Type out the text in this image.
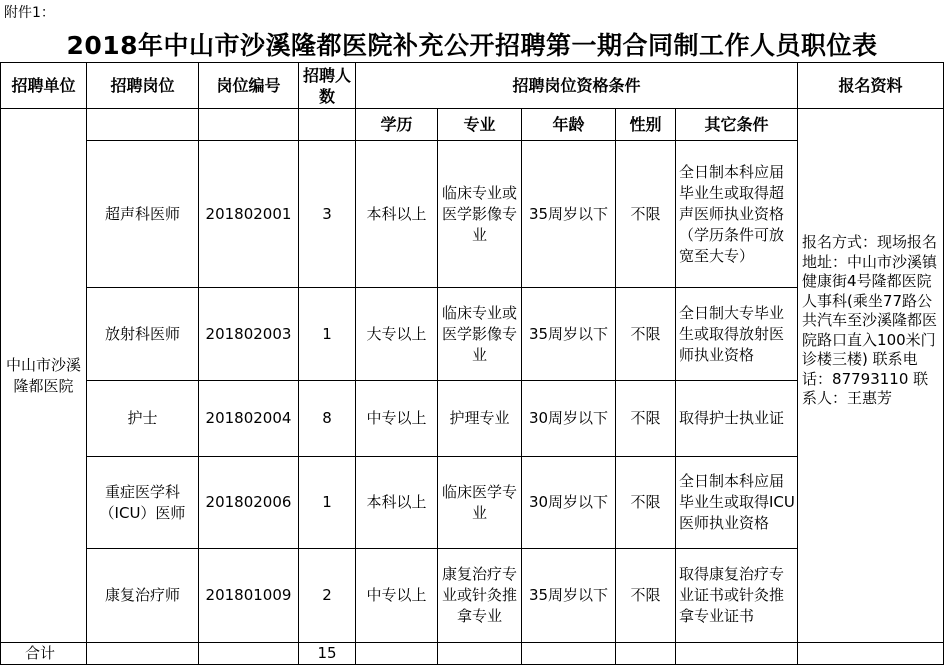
附件1：
2018年中山市沙溪隆都医院补充公开招聘第一期合同制工作人员职位表
招聘单位	招聘岗位	岗位编号	招聘人数	招聘岗位资格条件					报名资料
中山市沙溪隆都医院				学历	专业	年龄	性别	其它条件	报名方式：现场报名 地址：中山市沙溪镇健康街4号隆都医院人事科(乘坐77路公共汽车至沙溪隆都医院路口直入100米门诊楼三楼) 联系电话：87793110 联系人：王惠芳
	超声科医师	201802001	3	本科以上	临床专业或医学影像专业	35周岁以下	不限	全日制本科应届毕业生或取得超声医师执业资格（学历条件可放宽至大专）	
	放射科医师	201802003	1	大专以上	临床专业或医学影像专业	35周岁以下	不限	全日制大专毕业生或取得放射医师执业资格	
	护士	201802004	8	中专以上	护理专业	30周岁以下	不限	取得护士执业证	
	重症医学科（ICU）医师	201802006	1	本科以上	临床医学专业	30周岁以下	不限	全日制本科应届毕业生或取得ICU医师执业资格	
	康复治疗师	201801009	2	中专以上	康复治疗专业或针灸推拿专业	35周岁以下	不限	取得康复治疗专业证书或针灸推拿专业证书	
合计			15						
